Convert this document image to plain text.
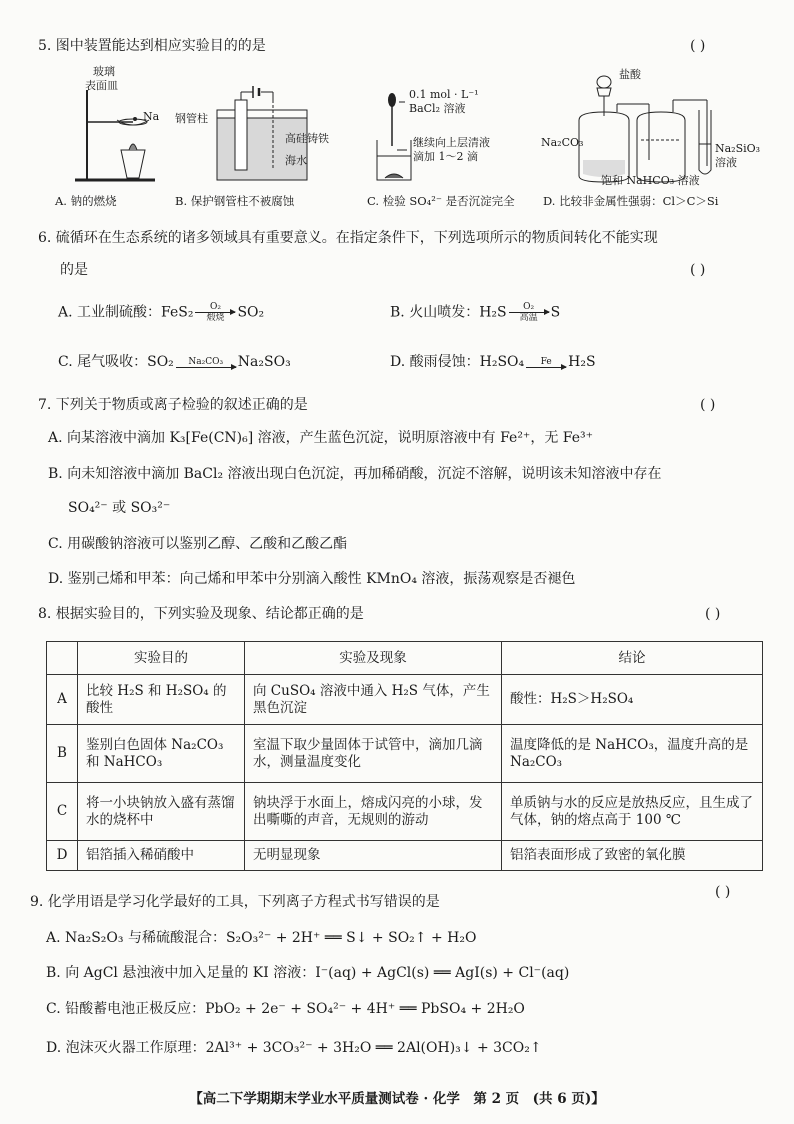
5. 图中装置能达到相应实验目的的是	( )
玻璃
表面皿
Na
A. 钠的燃烧
钢管柱
高硅铸铁
海水
B. 保护钢管柱不被腐蚀
0.1 mol · L⁻¹
BaCl₂ 溶液
继续向上层清液
滴加 1～2 滴
C. 检验 SO₄²⁻ 是否沉淀完全
盐酸
Na₂CO₃
饱和 NaHCO₃ 溶液
Na₂SiO₃
溶液
D. 比较非金属性强弱：Cl＞C＞Si
6. 硫循环在生态系统的诸多领域具有重要意义。在指定条件下，下列选项所示的物质间转化不能实现
的是	( )
A. 工业制硫酸：FeS₂	O₂
煅烧 SO₂	B. 火山喷发：H₂S	O₂
高温 S
C. 尾气吸收：SO₂	Na₂CO₃	Na₂SO₃	D. 酸雨侵蚀：H₂SO₄	Fe	H₂S
7. 下列关于物质或离子检验的叙述正确的是	( )
A. 向某溶液中滴加 K₃[Fe(CN)₆] 溶液，产生蓝色沉淀，说明原溶液中有 Fe²⁺，无 Fe³⁺
B. 向未知溶液中滴加 BaCl₂ 溶液出现白色沉淀，再加稀硝酸，沉淀不溶解，说明该未知溶液中存在
SO₄²⁻ 或 SO₃²⁻
C. 用碳酸钠溶液可以鉴别乙醇、乙酸和乙酸乙酯
D. 鉴别己烯和甲苯：向己烯和甲苯中分别滴入酸性 KMnO₄ 溶液，振荡观察是否褪色
8. 根据实验目的，下列实验及现象、结论都正确的是	( )
	实验目的	实验及现象	结论
A	比较 H₂S 和 H₂SO₄ 的酸性	向 CuSO₄ 溶液中通入 H₂S 气体，产生黑色沉淀	酸性：H₂S＞H₂SO₄
B	鉴别白色固体 Na₂CO₃ 和 NaHCO₃	室温下取少量固体于试管中，滴加几滴水，测量温度变化	温度降低的是 NaHCO₃，温度升高的是 Na₂CO₃
C	将一小块钠放入盛有蒸馏水的烧杯中	钠块浮于水面上，熔成闪亮的小球，发出嘶嘶的声音，无规则的游动	单质钠与水的反应是放热反应，且生成了气体，钠的熔点高于 100 ℃
D	铝箔插入稀硝酸中	无明显现象	铝箔表面形成了致密的氧化膜
9. 化学用语是学习化学最好的工具，下列离子方程式书写错误的是
( )
A. Na₂S₂O₃ 与稀硫酸混合：S₂O₃²⁻ + 2H⁺ ══ S↓ + SO₂↑ + H₂O
B. 向 AgCl 悬浊液中加入足量的 KI 溶液：I⁻(aq) + AgCl(s) ══ AgI(s) + Cl⁻(aq)
C. 铅酸蓄电池正极反应：PbO₂ + 2e⁻ + SO₄²⁻ + 4H⁺ ══ PbSO₄ + 2H₂O
D. 泡沫灭火器工作原理：2Al³⁺ + 3CO₃²⁻ + 3H₂O ══ 2Al(OH)₃↓ + 3CO₂↑
【高二下学期期末学业水平质量测试卷 · 化学　第 2 页　(共 6 页)】
